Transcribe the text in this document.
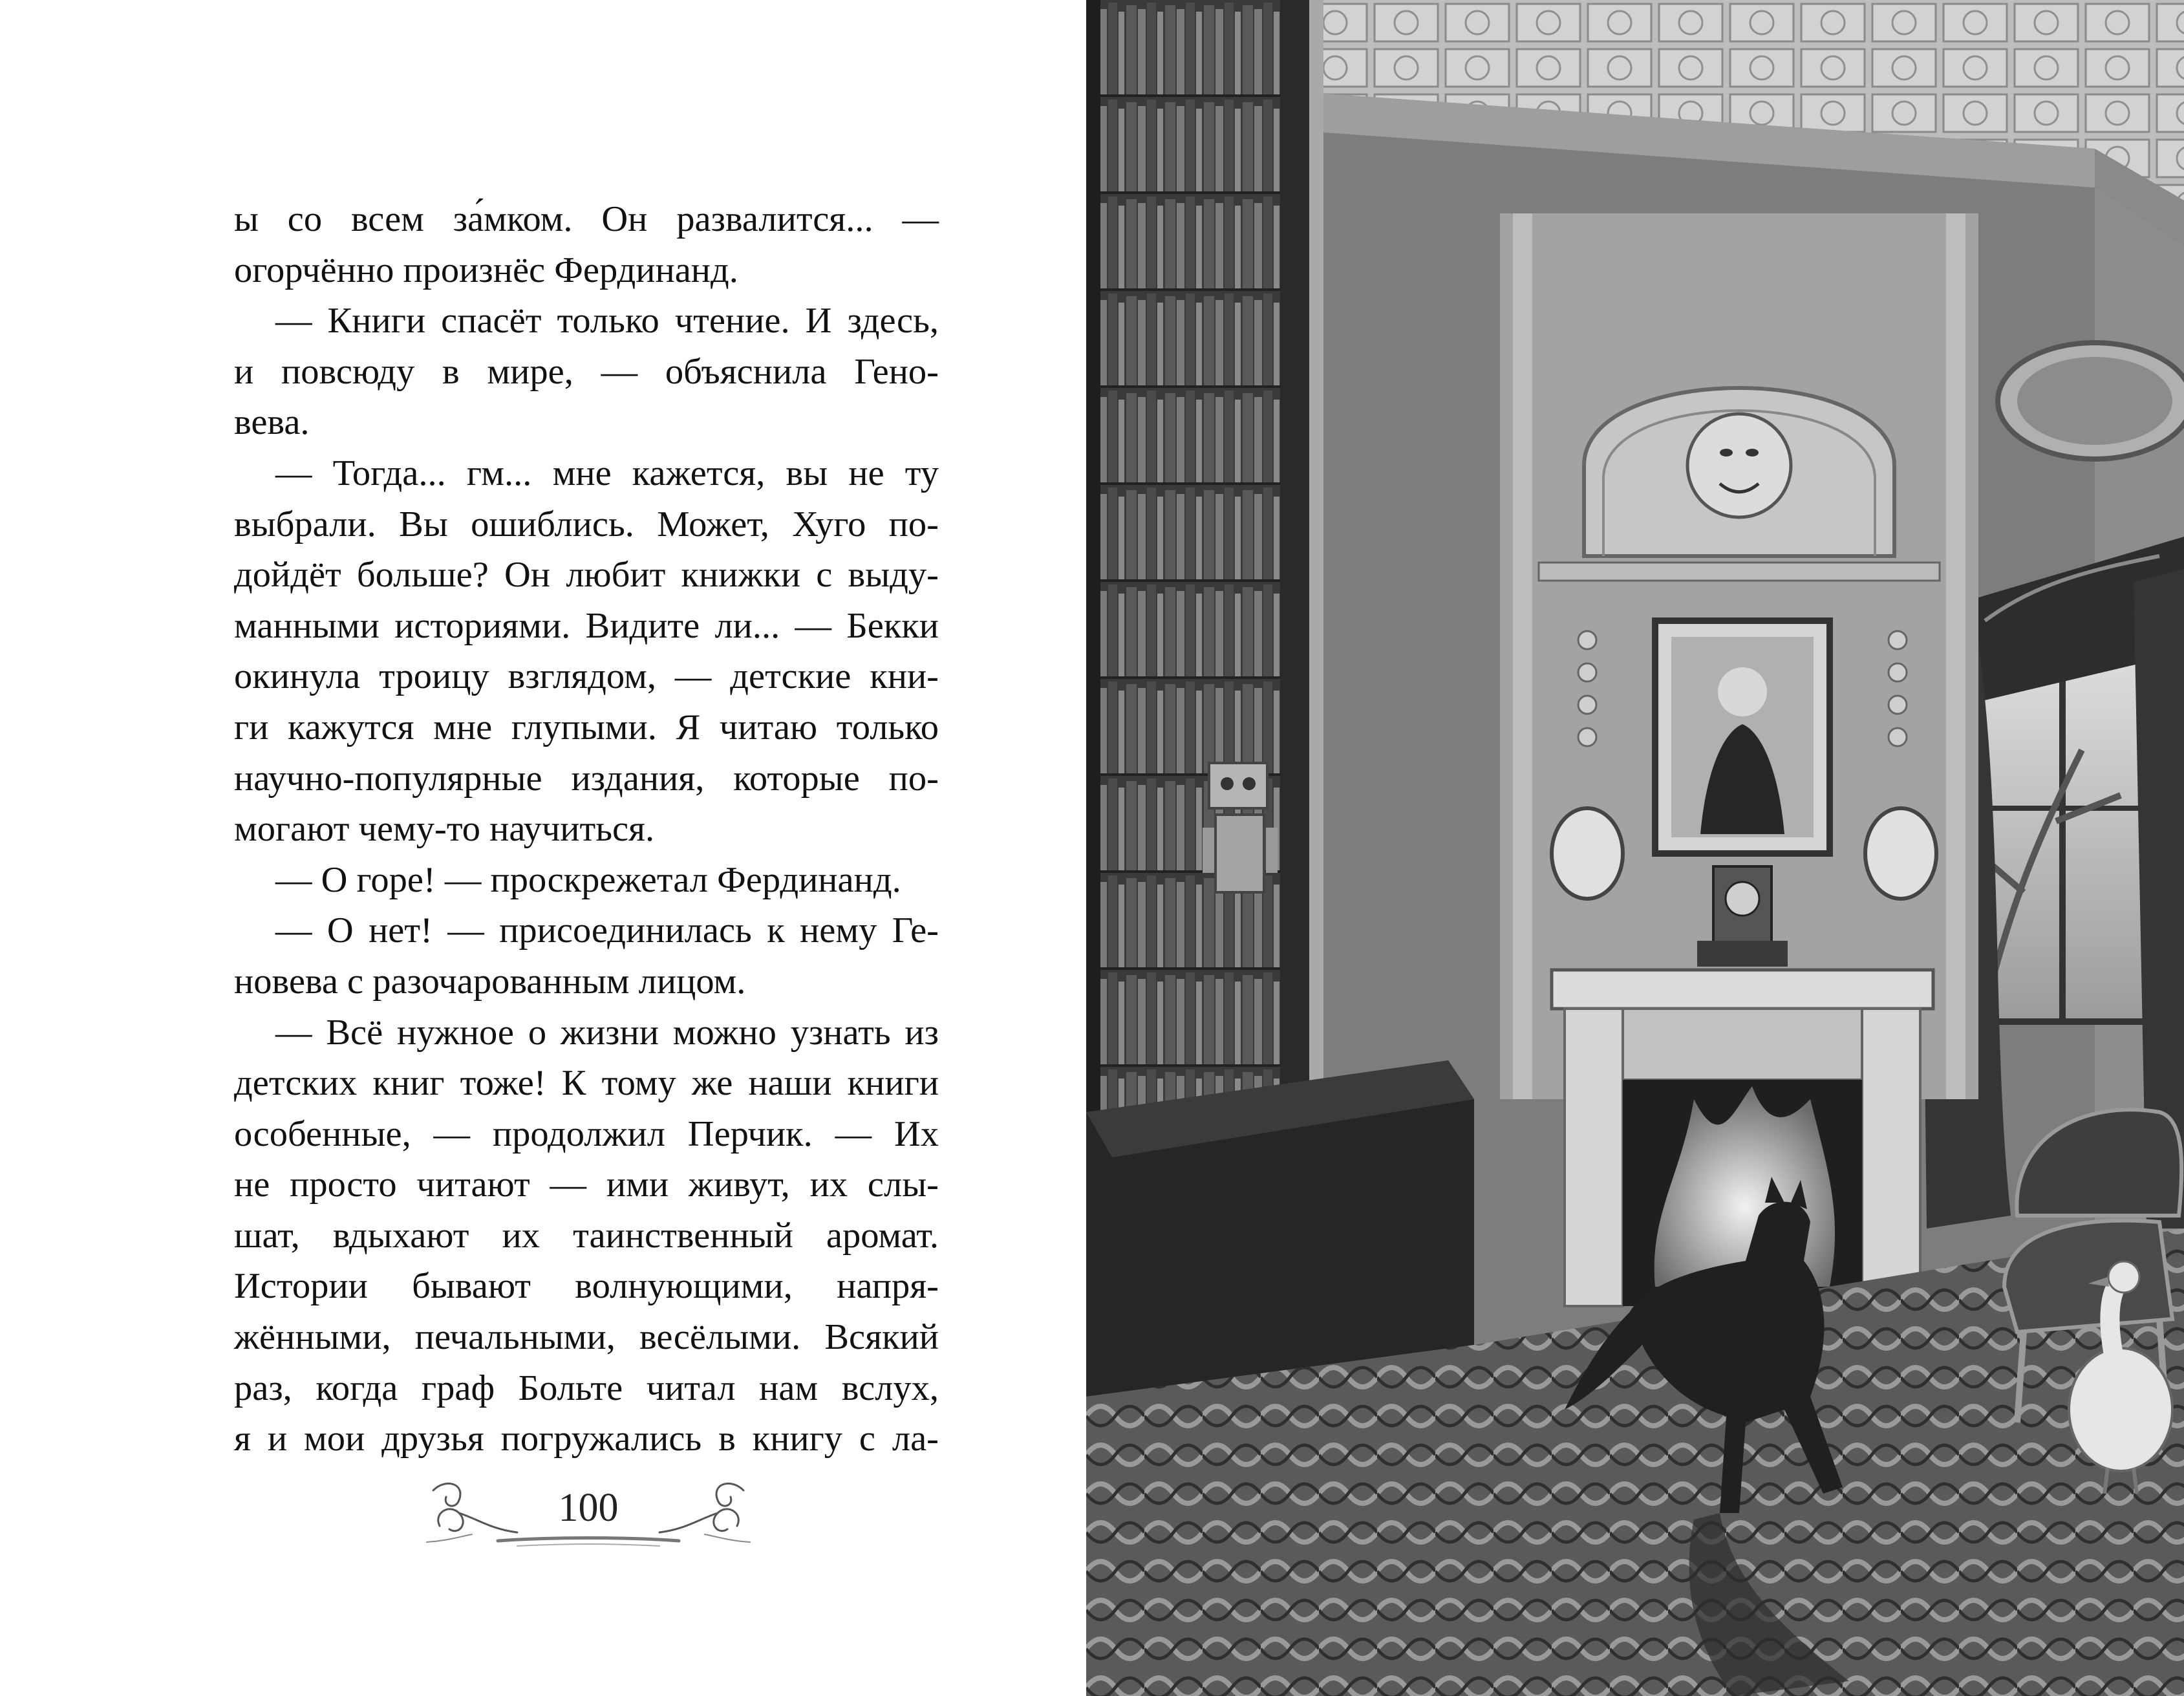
ы со всем за́мком. Он развалится... —
огорчённо произнёс Фердинанд.
— Книги спасёт только чтение. И здесь,
и повсюду в мире, — объяснила Гено-
вева.
— Тогда... гм... мне кажется, вы не ту
выбрали. Вы ошиблись. Может, Хуго по-
дойдёт больше? Он любит книжки с выду-
манными историями. Видите ли... — Бекки
окинула троицу взглядом, — детские кни-
ги кажутся мне глупыми. Я читаю только
научно-популярные издания, которые по-
могают чему-то научиться.
— О горе! — проскрежетал Фердинанд.
— О нет! — присоединилась к нему Ге-
новева с разочарованным лицом.
— Всё нужное о жизни можно узнать из
детских книг тоже! К тому же наши книги
особенные, — продолжил Перчик. — Их
не просто читают — ими живут, их слы-
шат, вдыхают их таинственный аромат.
Истории бывают волнующими, напря-
жёнными, печальными, весёлыми. Всякий
раз, когда граф Больте читал нам вслух,
я и мои друзья погружались в книгу с ла-
100
